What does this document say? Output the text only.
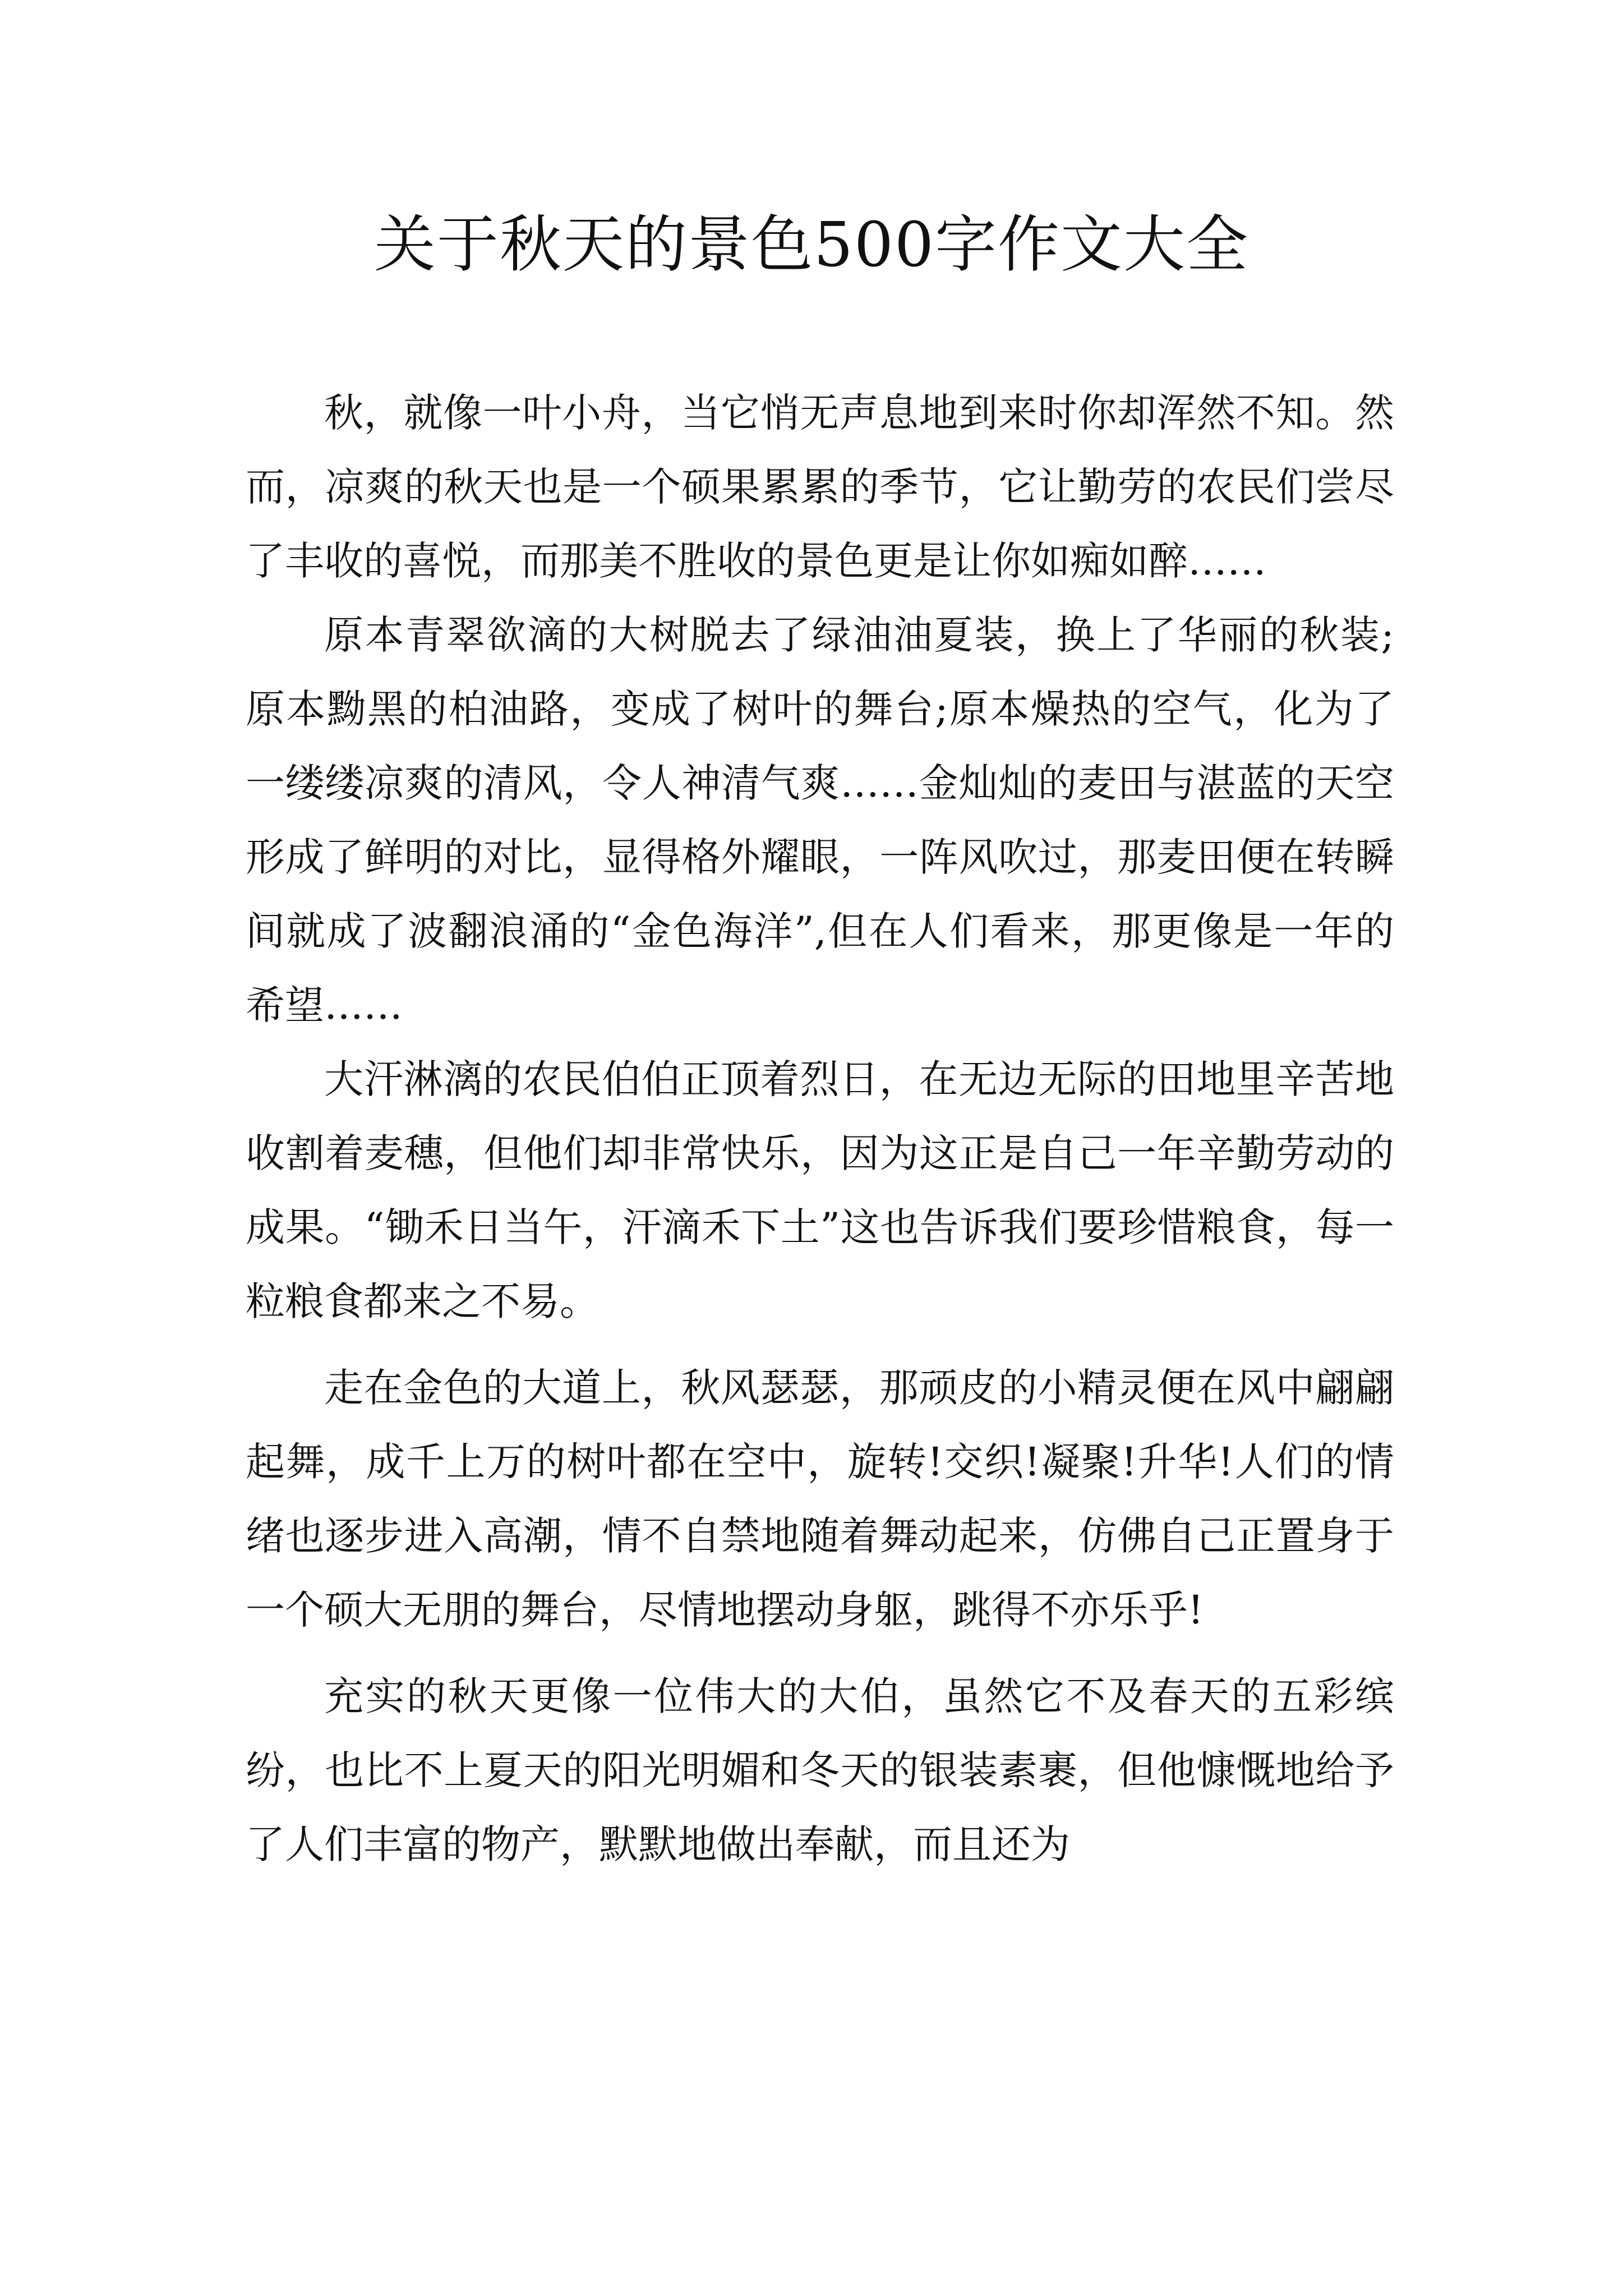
关于秋天的景色500字作文大全

秋，就像一叶小舟，当它悄无声息地到来时你却浑然不知。然而，凉爽的秋天也是一个硕果累累的季节，它让勤劳的农民们尝尽了丰收的喜悦，而那美不胜收的景色更是让你如痴如醉……

原本青翠欲滴的大树脱去了绿油油夏装，换上了华丽的秋装;原本黝黑的柏油路，变成了树叶的舞台;原本燥热的空气，化为了一缕缕凉爽的清风，令人神清气爽……金灿灿的麦田与湛蓝的天空形成了鲜明的对比，显得格外耀眼，一阵风吹过，那麦田便在转瞬间就成了波翻浪涌的“金色海洋”,但在人们看来，那更像是一年的希望……

大汗淋漓的农民伯伯正顶着烈日，在无边无际的田地里辛苦地收割着麦穗，但他们却非常快乐，因为这正是自己一年辛勤劳动的成果。“锄禾日当午，汗滴禾下土”这也告诉我们要珍惜粮食，每一粒粮食都来之不易。

走在金色的大道上，秋风瑟瑟，那顽皮的小精灵便在风中翩翩起舞，成千上万的树叶都在空中，旋转!交织!凝聚!升华!人们的情绪也逐步进入高潮，情不自禁地随着舞动起来，仿佛自己正置身于一个硕大无朋的舞台，尽情地摆动身躯，跳得不亦乐乎!

充实的秋天更像一位伟大的大伯，虽然它不及春天的五彩缤纷，也比不上夏天的阳光明媚和冬天的银装素裹，但他慷慨地给予了人们丰富的物产，默默地做出奉献，而且还为
